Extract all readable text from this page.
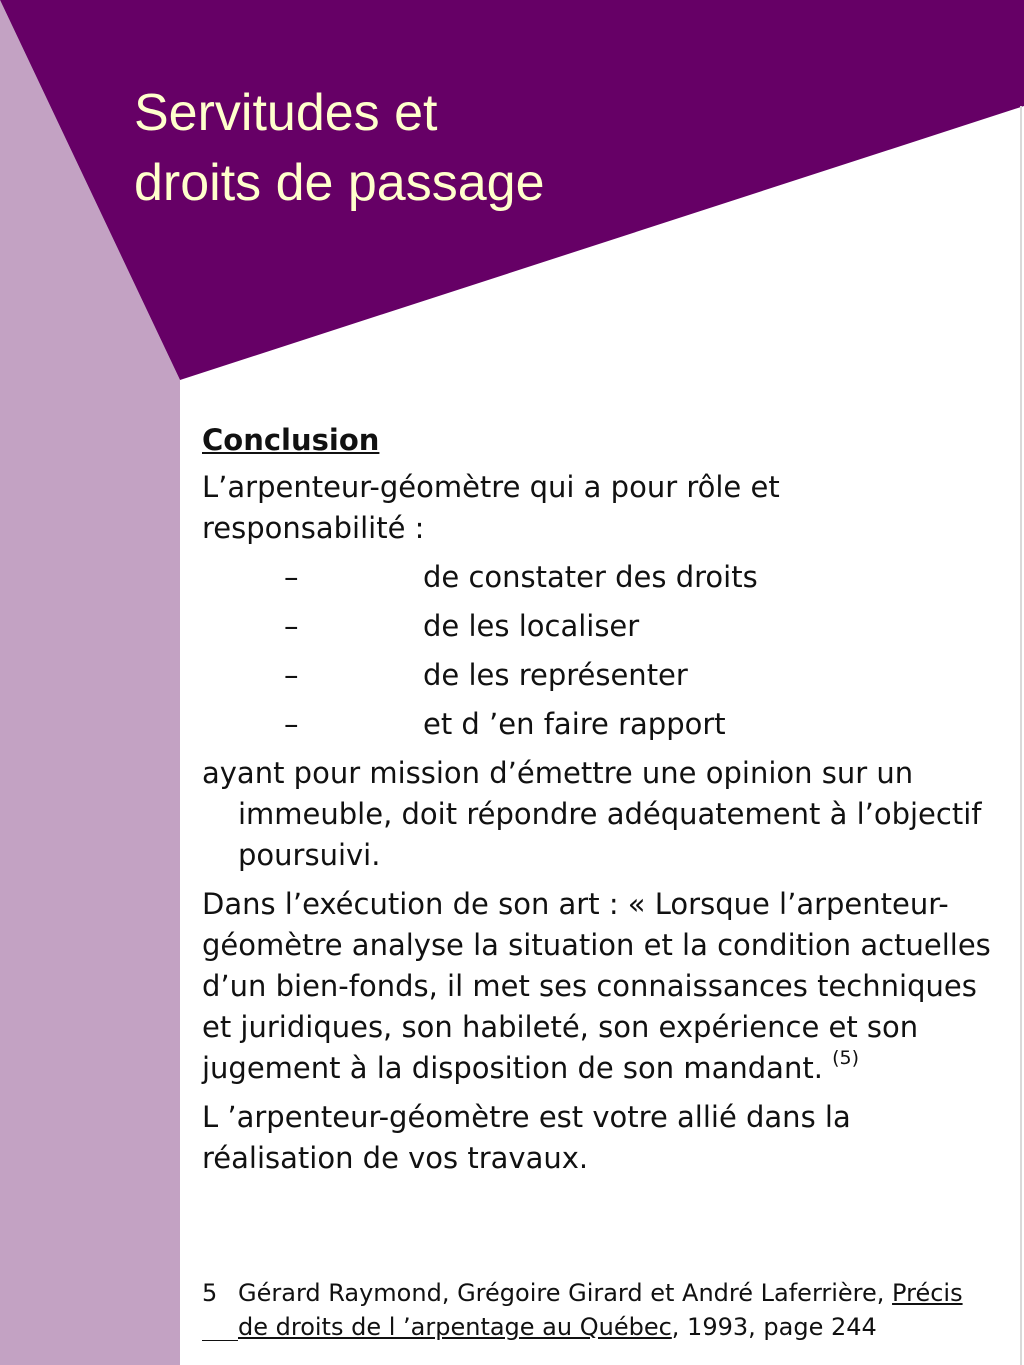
Servitudes et
droits de passage

Conclusion

L’arpenteur-géomètre qui a pour rôle et responsabilité :

–	de constater des droits
–	de les localiser
–	de les représenter
–	et d ’en faire rapport

ayant pour mission d’émettre une opinion sur un immeuble, doit répondre adéquatement à l’objectif poursuivi.

Dans l’exécution de son art : « Lorsque l’arpenteur-géomètre analyse la situation et la condition actuelles d’un bien-fonds, il met ses connaissances techniques et juridiques, son habileté, son expérience et son jugement à la disposition de son mandant. $^{(5)}$

L ’arpenteur-géomètre est votre allié dans la réalisation de vos travaux.

5 Gérard Raymond, Grégoire Girard et André Laferrière, Précis de droits de l ’arpentage au Québec, 1993, page 244
